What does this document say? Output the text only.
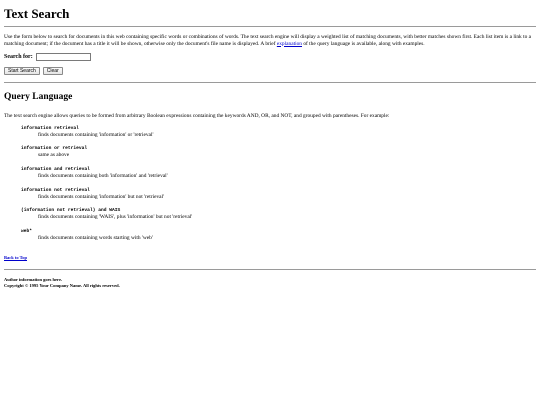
Text Search

Use the form below to search for documents in this web containing specific words or combinations of words. The text search engine will display a weighted list of matching documents, with better matches shown first. Each list item is a link to a matching document; if the document has a title it will be shown, otherwise only the document's file name is displayed. A brief explanation of the query language is available, along with examples.

Search for:
Start Search	Clear
Query Language

The text search engine allows queries to be formed from arbitrary Boolean expressions containing the keywords AND, OR, and NOT, and grouped with parentheses. For example:

information retrieval
finds documents containing 'information' or 'retrieval'
information or retrieval
same as above
information and retrieval
finds documents containing both 'information' and 'retrieval'
information not retrieval
finds documents containing 'information' but not 'retrieval'
(information not retrieval) and WAIS
finds documents containing 'WAIS', plus 'information' but not 'retrieval'
web*
finds documents containing words starting with 'web'
Back to Top
Author information goes here.
Copyright © 1995 Your Company Name. All rights reserved.
